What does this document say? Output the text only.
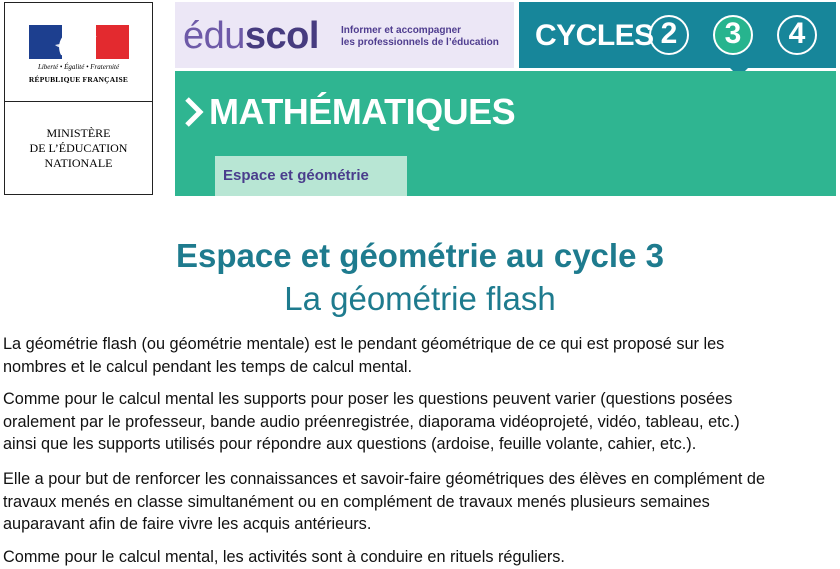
Liberté • Égalité • Fraternité
RÉPUBLIQUE FRANÇAISE
MINISTÈRE
DE L’ÉDUCATION
NATIONALE
éduscol Informer et accompagner
les professionnels de l’éducation CYCLES 2	3	4
MATHÉMATIQUES
Espace et géométrie
Espace et géométrie au cycle 3
La géométrie flash
La géométrie flash (ou géométrie mentale) est le pendant géométrique de ce qui est proposé sur les
nombres et le calcul pendant les temps de calcul mental.
Comme pour le calcul mental les supports pour poser les questions peuvent varier (questions posées
oralement par le professeur, bande audio préenregistrée, diaporama vidéoprojeté, vidéo, tableau, etc.)
ainsi que les supports utilisés pour répondre aux questions (ardoise, feuille volante, cahier, etc.).
Elle a pour but de renforcer les connaissances et savoir-faire géométriques des élèves en complément de
travaux menés en classe simultanément ou en complément de travaux menés plusieurs semaines
auparavant afin de faire vivre les acquis antérieurs.
Comme pour le calcul mental, les activités sont à conduire en rituels réguliers.
